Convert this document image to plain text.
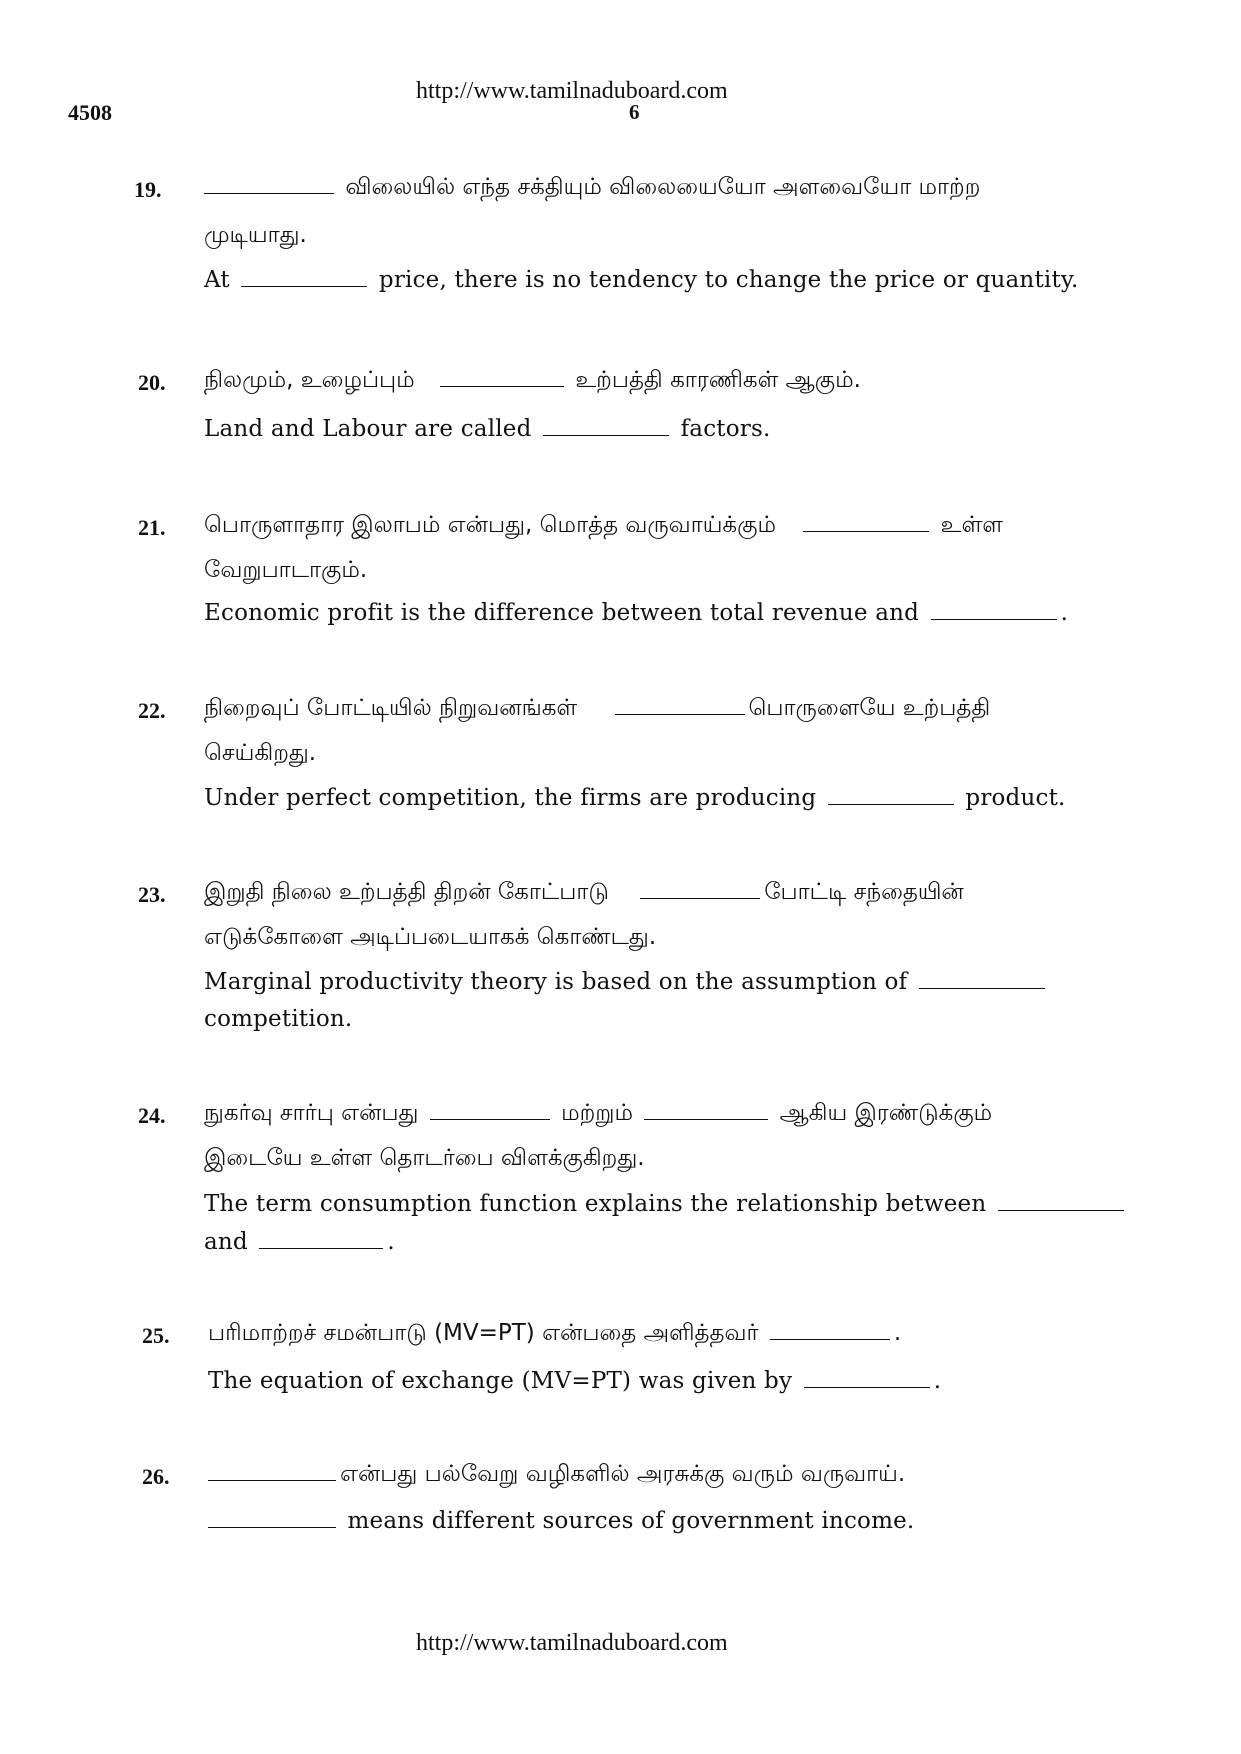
http://www.tamilnaduboard.com
4508	6
19.	விலையில் எந்த சக்தியும் விலையையோ அளவையோ மாற்ற
முடியாது.
At	price, there is no tendency to change the price or quantity.
20. நிலமும், உழைப்பும்	உற்பத்தி காரணிகள் ஆகும்.
Land and Labour are called	factors.
21. பொருளாதார இலாபம் என்பது, மொத்த வருவாய்க்கும்	உள்ள
வேறுபாடாகும்.
Economic profit is the difference between total revenue and	.
22. நிறைவுப் போட்டியில் நிறுவனங்கள்	பொருளையே உற்பத்தி
செய்கிறது.
Under perfect competition, the firms are producing	product.
23. இறுதி நிலை உற்பத்தி திறன் கோட்பாடு	போட்டி சந்தையின்
எடுக்கோளை அடிப்படையாகக் கொண்டது.
Marginal productivity theory is based on the assumption of
competition.
24. நுகர்வு சார்பு என்பது	மற்றும்	ஆகிய இரண்டுக்கும்
இடையே உள்ள தொடர்பை விளக்குகிறது.
The term consumption function explains the relationship between
and	.
25. பரிமாற்றச் சமன்பாடு (MV=PT) என்பதை அளித்தவர்	.
The equation of exchange (MV=PT) was given by	.
26.	என்பது பல்வேறு வழிகளில் அரசுக்கு வரும் வருவாய்.
means different sources of government income.
http://www.tamilnaduboard.com
